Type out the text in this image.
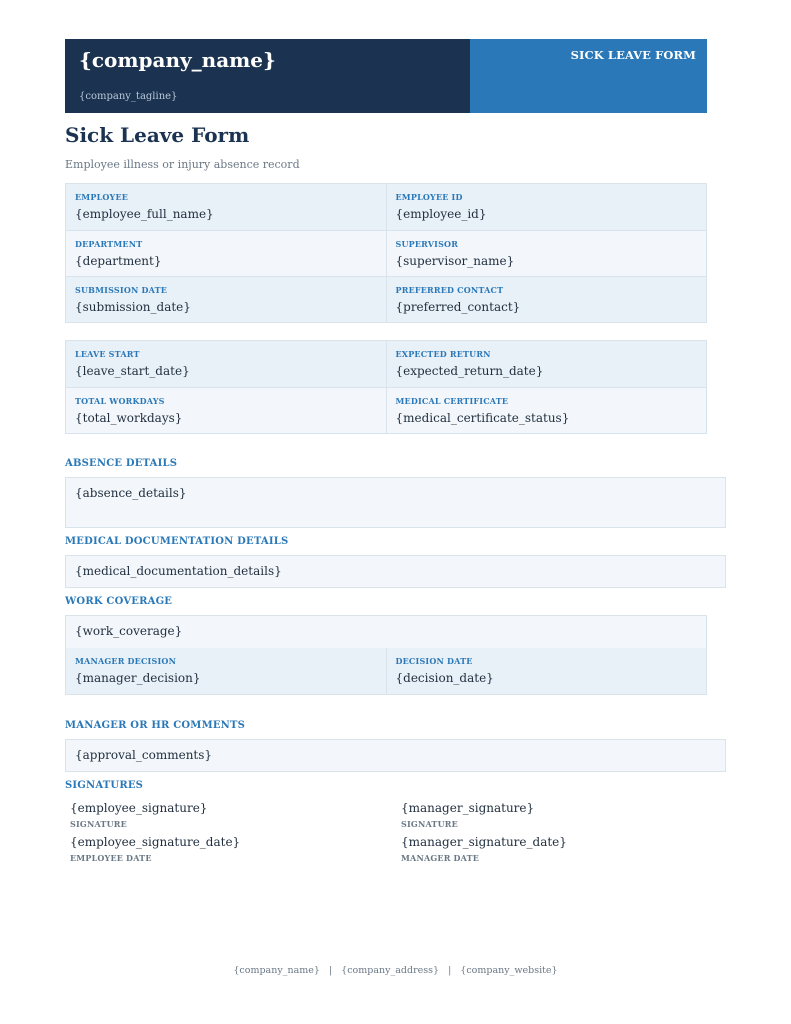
{company_name}
{company_tagline}
SICK LEAVE FORM
Sick Leave Form
Employee illness or injury absence record
EMPLOYEE
{employee_full_name}
EMPLOYEE ID
{employee_id}
DEPARTMENT
{department}
SUPERVISOR
{supervisor_name}
SUBMISSION DATE
{submission_date}
PREFERRED CONTACT
{preferred_contact}
LEAVE START
{leave_start_date}
EXPECTED RETURN
{expected_return_date}
TOTAL WORKDAYS
{total_workdays}
MEDICAL CERTIFICATE
{medical_certificate_status}
ABSENCE DETAILS
{absence_details}
MEDICAL DOCUMENTATION DETAILS
{medical_documentation_details}
WORK COVERAGE
{work_coverage}
MANAGER DECISION
{manager_decision}
DECISION DATE
{decision_date}
MANAGER OR HR COMMENTS
{approval_comments}
SIGNATURES
{employee_signature}
SIGNATURE
{employee_signature_date}
EMPLOYEE DATE
{manager_signature}
SIGNATURE
{manager_signature_date}
MANAGER DATE
{company_name} | {company_address} | {company_website}
